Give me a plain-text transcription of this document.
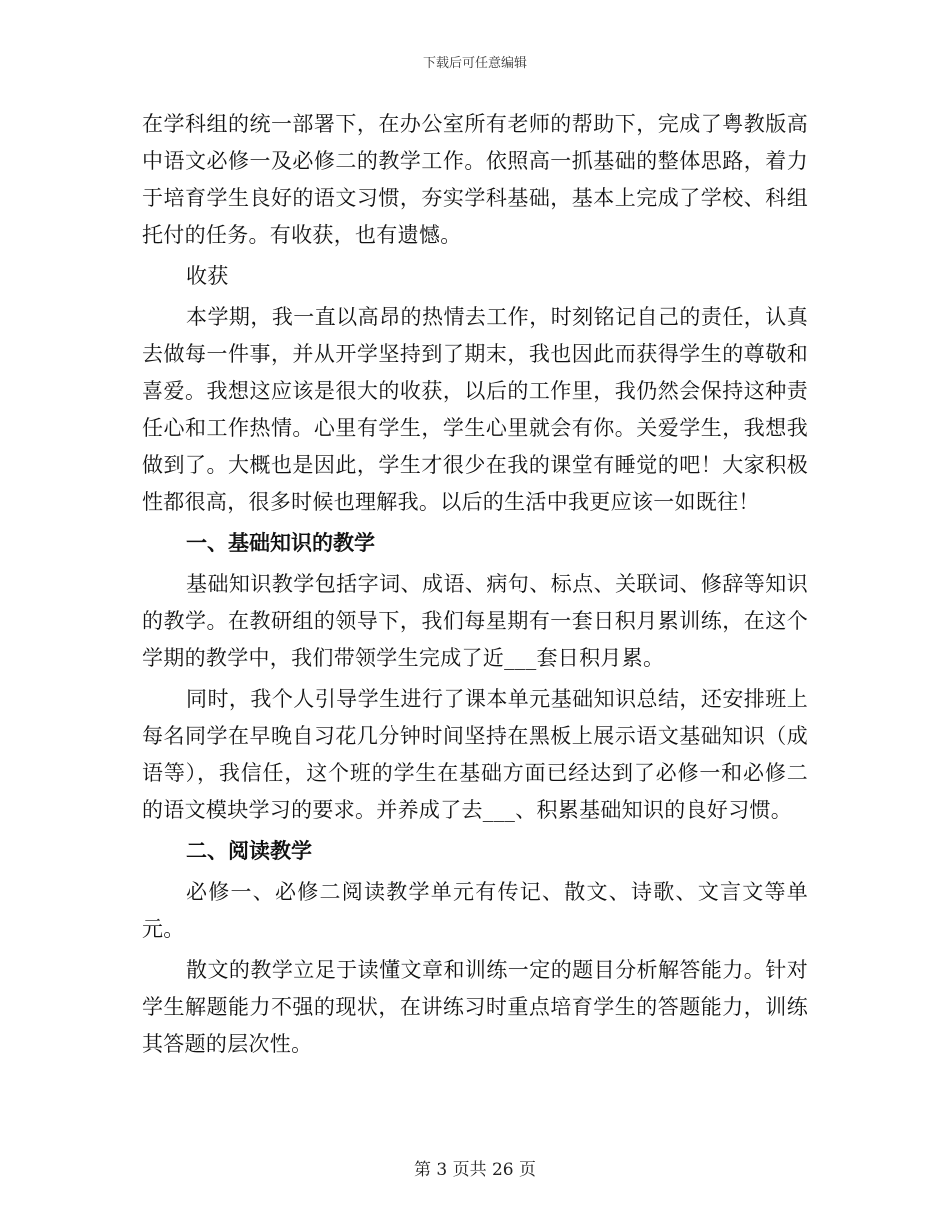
下载后可任意编辑

在学科组的统一部署下，在办公室所有老师的帮助下，完成了粤教版高中语文必修一及必修二的教学工作。依照高一抓基础的整体思路，着力于培育学生良好的语文习惯，夯实学科基础，基本上完成了学校、科组托付的任务。有收获，也有遗憾。

收获

本学期，我一直以高昂的热情去工作，时刻铭记自己的责任，认真去做每一件事，并从开学坚持到了期末，我也因此而获得学生的尊敬和喜爱。我想这应该是很大的收获，以后的工作里，我仍然会保持这种责任心和工作热情。心里有学生，学生心里就会有你。关爱学生，我想我做到了。大概也是因此，学生才很少在我的课堂有睡觉的吧！大家积极性都很高，很多时候也理解我。以后的生活中我更应该一如既往！

一、基础知识的教学

基础知识教学包括字词、成语、病句、标点、关联词、修辞等知识的教学。在教研组的领导下，我们每星期有一套日积月累训练，在这个学期的教学中，我们带领学生完成了近___套日积月累。

同时，我个人引导学生进行了课本单元基础知识总结，还安排班上每名同学在早晚自习花几分钟时间坚持在黑板上展示语文基础知识（成语等），我信任，这个班的学生在基础方面已经达到了必修一和必修二的语文模块学习的要求。并养成了去___、积累基础知识的良好习惯。

二、阅读教学

必修一、必修二阅读教学单元有传记、散文、诗歌、文言文等单元。

散文的教学立足于读懂文章和训练一定的题目分析解答能力。针对学生解题能力不强的现状，在讲练习时重点培育学生的答题能力，训练其答题的层次性。

第 3 页共 26 页
